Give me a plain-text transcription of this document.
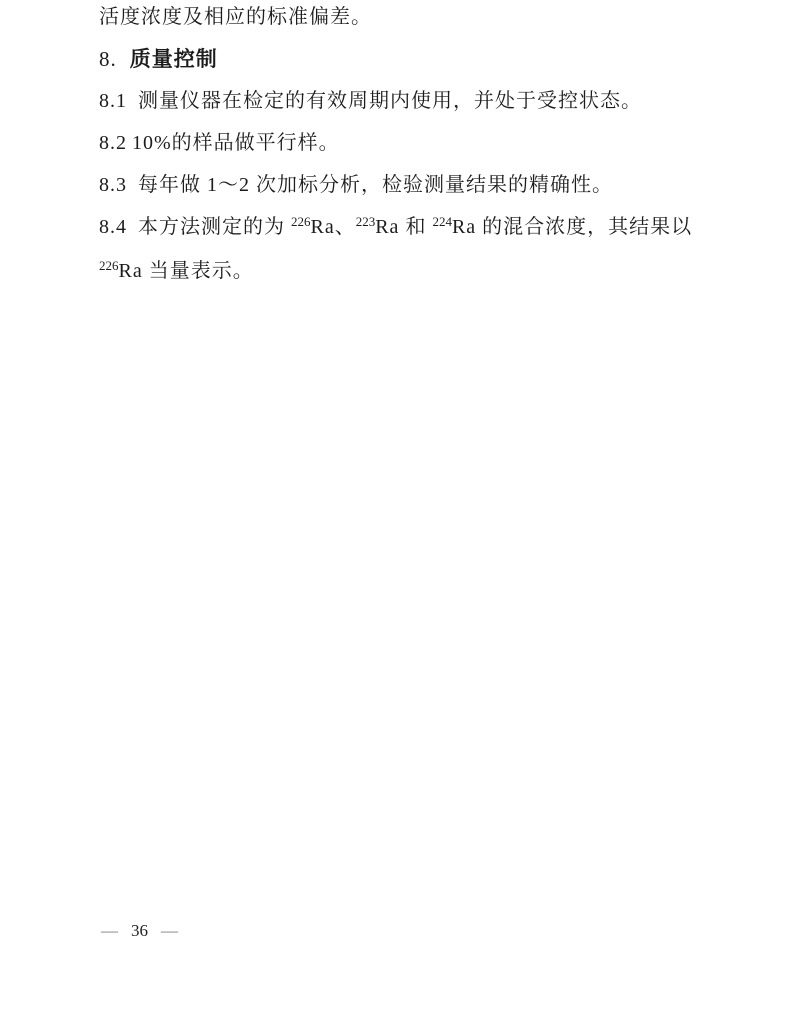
活度浓度及相应的标准偏差。

8. 质量控制

8.1 测量仪器在检定的有效周期内使用，并处于受控状态。

8.2 10%的样品做平行样。

8.3 每年做 1～2 次加标分析，检验测量结果的精确性。

8.4 本方法测定的为 $^{226}$Ra、$^{223}$Ra 和 $^{224}$Ra 的混合浓度，其结果以

$^{226}$Ra 当量表示。

— 36 —
